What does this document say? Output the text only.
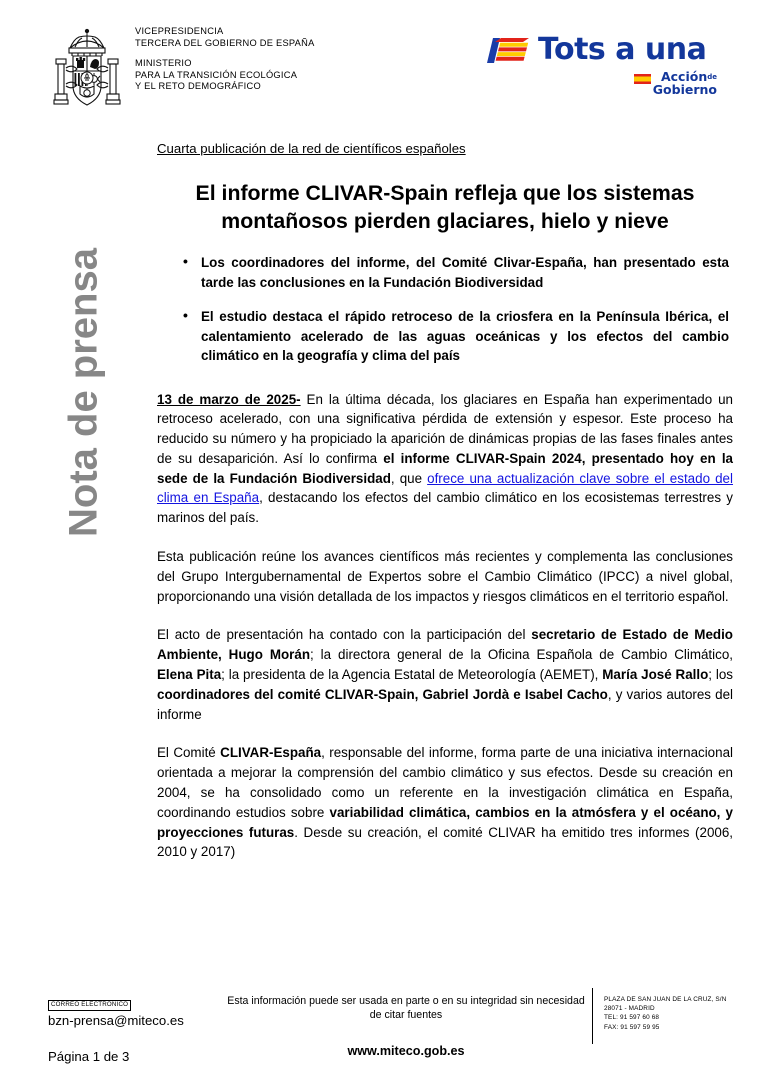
VICEPRESIDENCIA
TERCERA DEL GOBIERNO DE ESPAÑA
MINISTERIO
PARA LA TRANSICIÓN ECOLÓGICA
Y EL RETO DEMOGRÁFICO
Tots a una
Acciónde
Gobierno
Nota de prensa
Cuarta publicación de la red de científicos españoles
El informe CLIVAR-Spain refleja que los sistemas montañosos pierden glaciares, hielo y nieve
• Los coordinadores del informe, del Comité Clivar-España, han presentado esta tarde las conclusiones en la Fundación Biodiversidad
• El estudio destaca el rápido retroceso de la criosfera en la Península Ibérica, el calentamiento acelerado de las aguas oceánicas y los efectos del cambio climático en la geografía y clima del país

13 de marzo de 2025- En la última década, los glaciares en España han experimentado un retroceso acelerado, con una significativa pérdida de extensión y espesor. Este proceso ha reducido su número y ha propiciado la aparición de dinámicas propias de las fases finales antes de su desaparición. Así lo confirma el informe CLIVAR-Spain 2024, presentado hoy en la sede de la Fundación Biodiversidad, que ofrece una actualización clave sobre el estado del clima en España, destacando los efectos del cambio climático en los ecosistemas terrestres y marinos del país.

Esta publicación reúne los avances científicos más recientes y complementa las conclusiones del Grupo Intergubernamental de Expertos sobre el Cambio Climático (IPCC) a nivel global, proporcionando una visión detallada de los impactos y riesgos climáticos en el territorio español.

El acto de presentación ha contado con la participación del secretario de Estado de Medio Ambiente, Hugo Morán; la directora general de la Oficina Española de Cambio Climático, Elena Pita; la presidenta de la Agencia Estatal de Meteorología (AEMET), María José Rallo; los coordinadores del comité CLIVAR-Spain, Gabriel Jordà e Isabel Cacho, y varios autores del informe

El Comité CLIVAR-España, responsable del informe, forma parte de una iniciativa internacional orientada a mejorar la comprensión del cambio climático y sus efectos. Desde su creación en 2004, se ha consolidado como un referente en la investigación climática en España, coordinando estudios sobre variabilidad climática, cambios en la atmósfera y el océano, y proyecciones futuras. Desde su creación, el comité CLIVAR ha emitido tres informes (2006, 2010 y 2017)

CORREO ELECTRÓNICO
bzn-prensa@miteco.es
Página 1 de 3
Esta información puede ser usada en parte o en su integridad sin necesidad de citar fuentes
www.miteco.gob.es
PLAZA DE SAN JUAN DE LA CRUZ, S/N
28071 - MADRID
TEL: 91 597 60 68
FAX: 91 597 59 95
